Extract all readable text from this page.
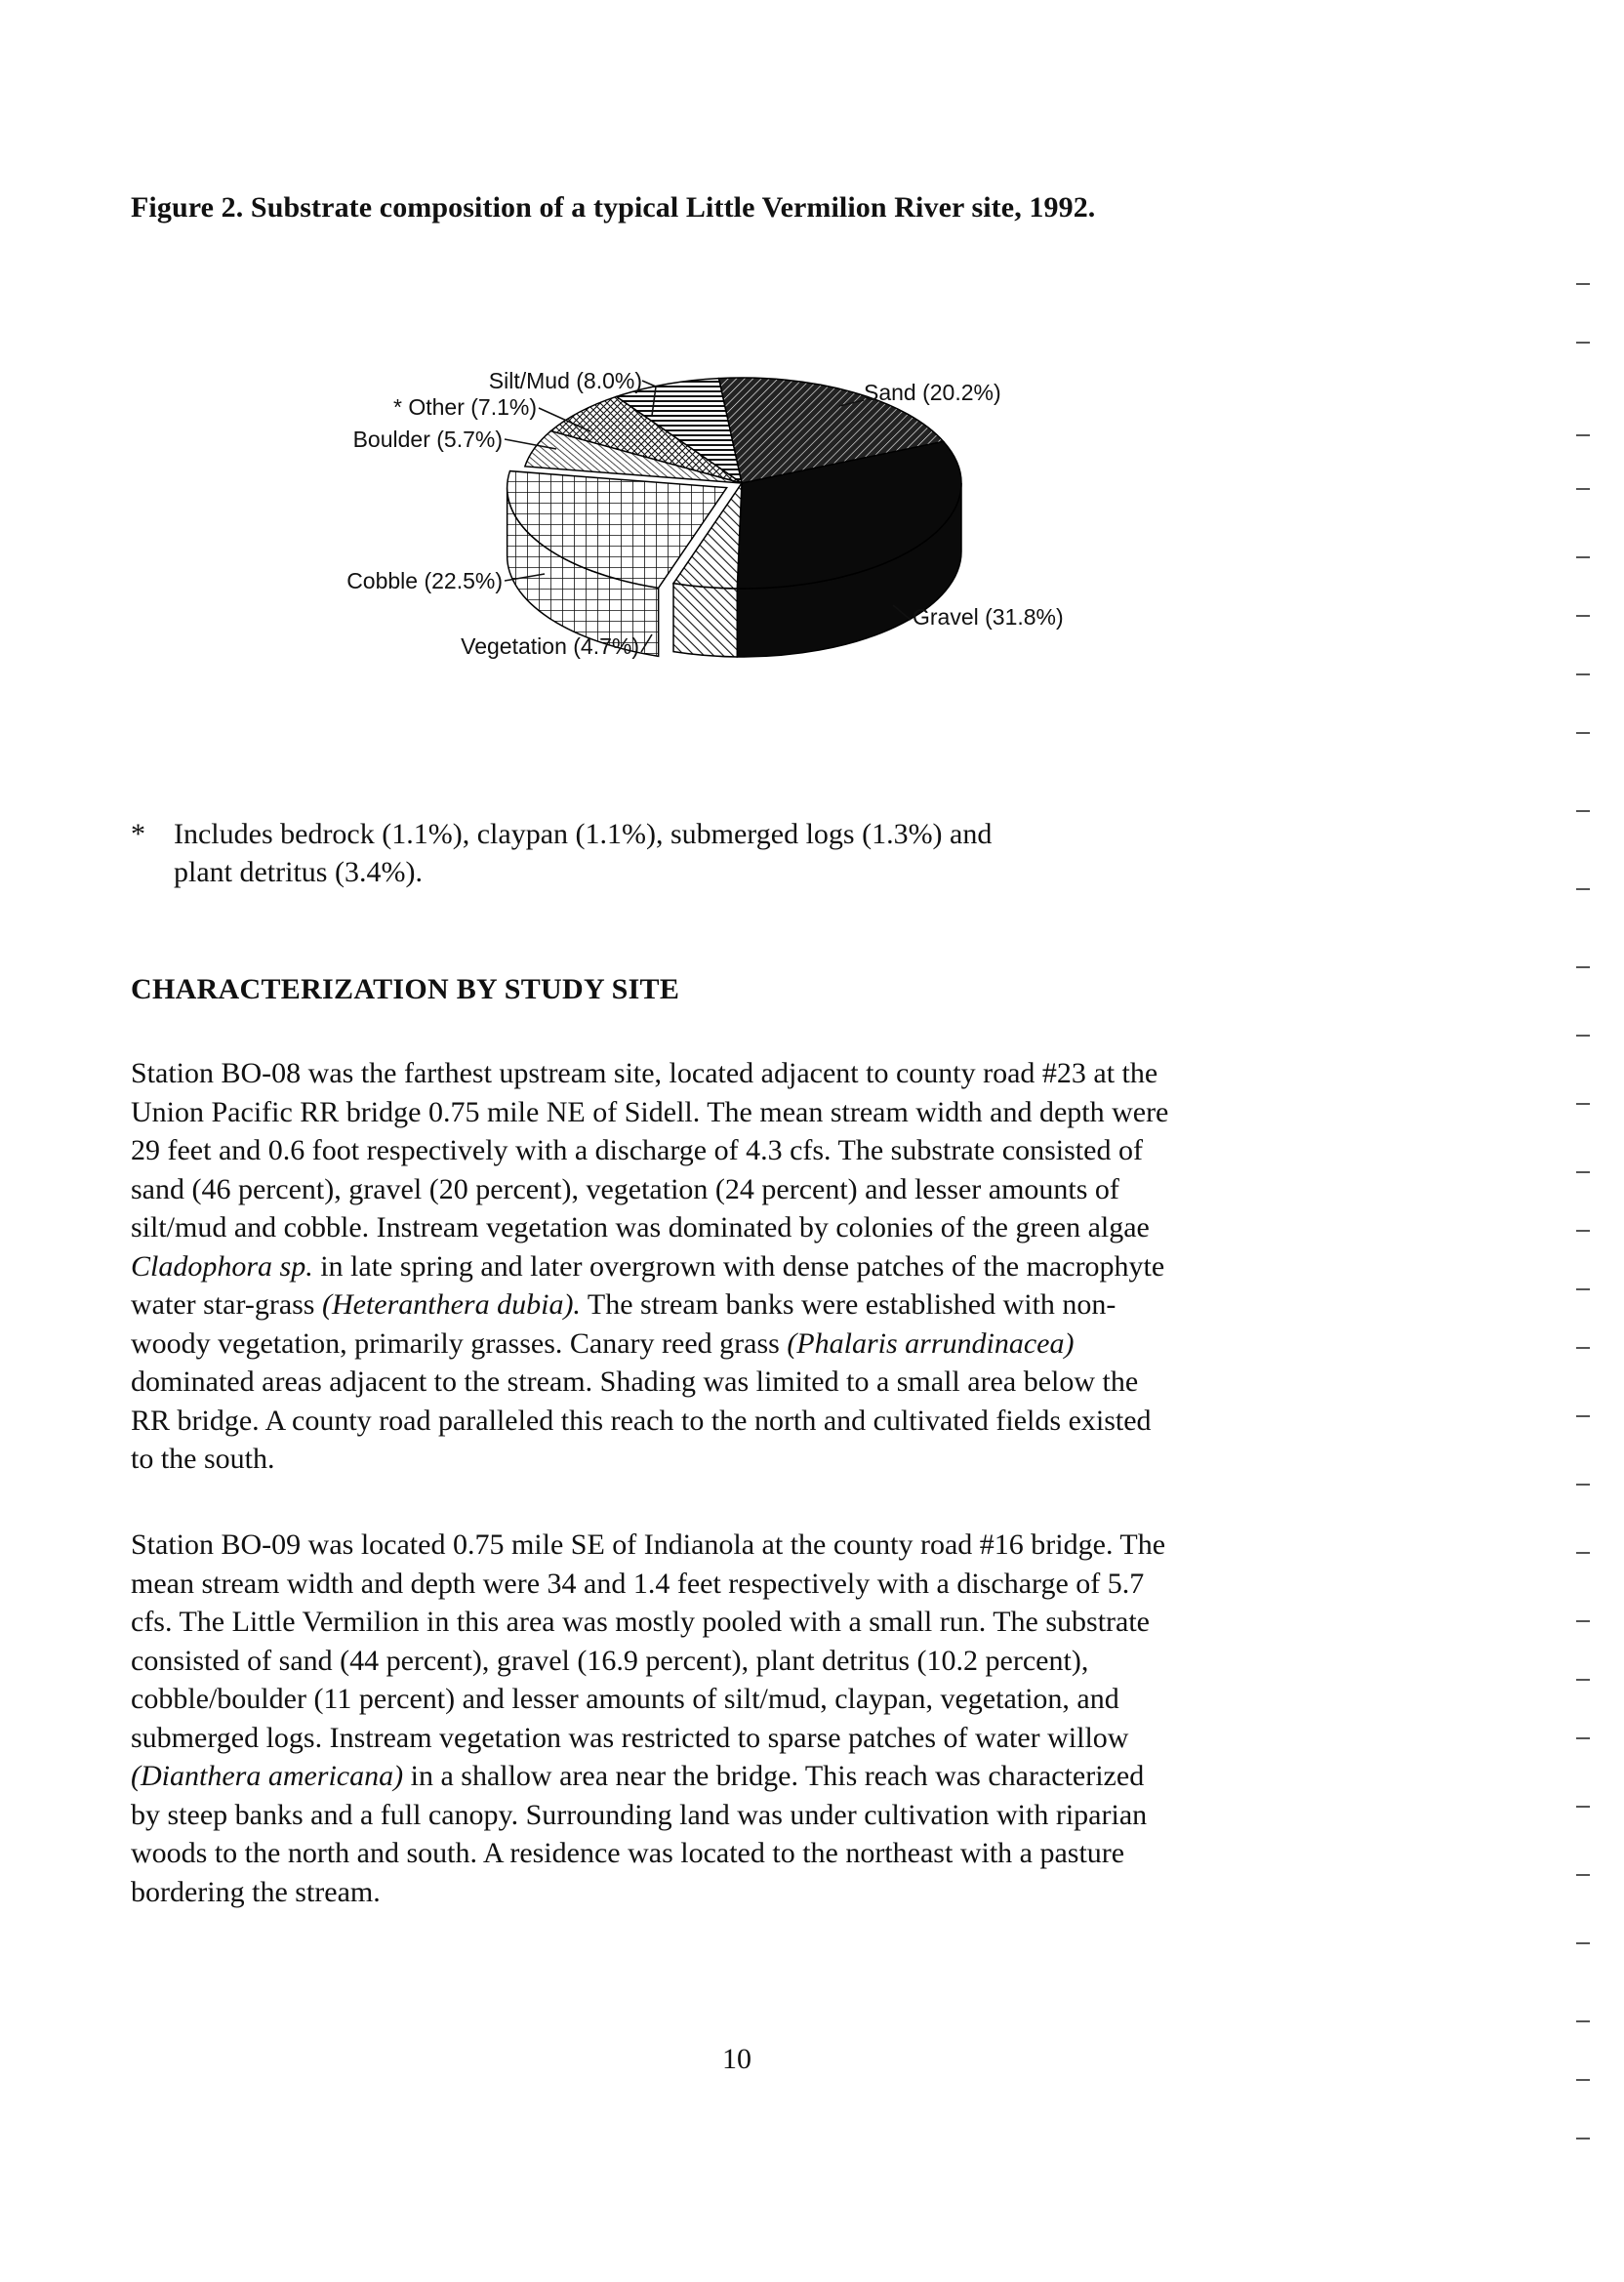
Figure 2. Substrate composition of a typical Little Vermilion River site, 1992.
Sand (20.2%)
Gravel (31.8%)
Vegetation (4.7%)
Cobble (22.5%)
Boulder (5.7%)
* Other (7.1%)
Silt/Mud (8.0%)
* Includes bedrock (1.1%), claypan (1.1%), submerged logs (1.3%) and
plant detritus (3.4%).
CHARACTERIZATION BY STUDY SITE
Station BO-08 was the farthest upstream site, located adjacent to county road #23 at the
Union Pacific RR bridge 0.75 mile NE of Sidell. The mean stream width and depth were
29 feet and 0.6 foot respectively with a discharge of 4.3 cfs. The substrate consisted of
sand (46 percent), gravel (20 percent), vegetation (24 percent) and lesser amounts of
silt/mud and cobble. Instream vegetation was dominated by colonies of the green algae
Cladophora sp. in late spring and later overgrown with dense patches of the macrophyte
water star-grass (Heteranthera dubia). The stream banks were established with non-
woody vegetation, primarily grasses. Canary reed grass (Phalaris arrundinacea)
dominated areas adjacent to the stream. Shading was limited to a small area below the
RR bridge. A county road paralleled this reach to the north and cultivated fields existed
to the south.
Station BO-09 was located 0.75 mile SE of Indianola at the county road #16 bridge. The
mean stream width and depth were 34 and 1.4 feet respectively with a discharge of 5.7
cfs. The Little Vermilion in this area was mostly pooled with a small run. The substrate
consisted of sand (44 percent), gravel (16.9 percent), plant detritus (10.2 percent),
cobble/boulder (11 percent) and lesser amounts of silt/mud, claypan, vegetation, and
submerged logs. Instream vegetation was restricted to sparse patches of water willow
(Dianthera americana) in a shallow area near the bridge. This reach was characterized
by steep banks and a full canopy. Surrounding land was under cultivation with riparian
woods to the north and south. A residence was located to the northeast with a pasture
bordering the stream.
10
